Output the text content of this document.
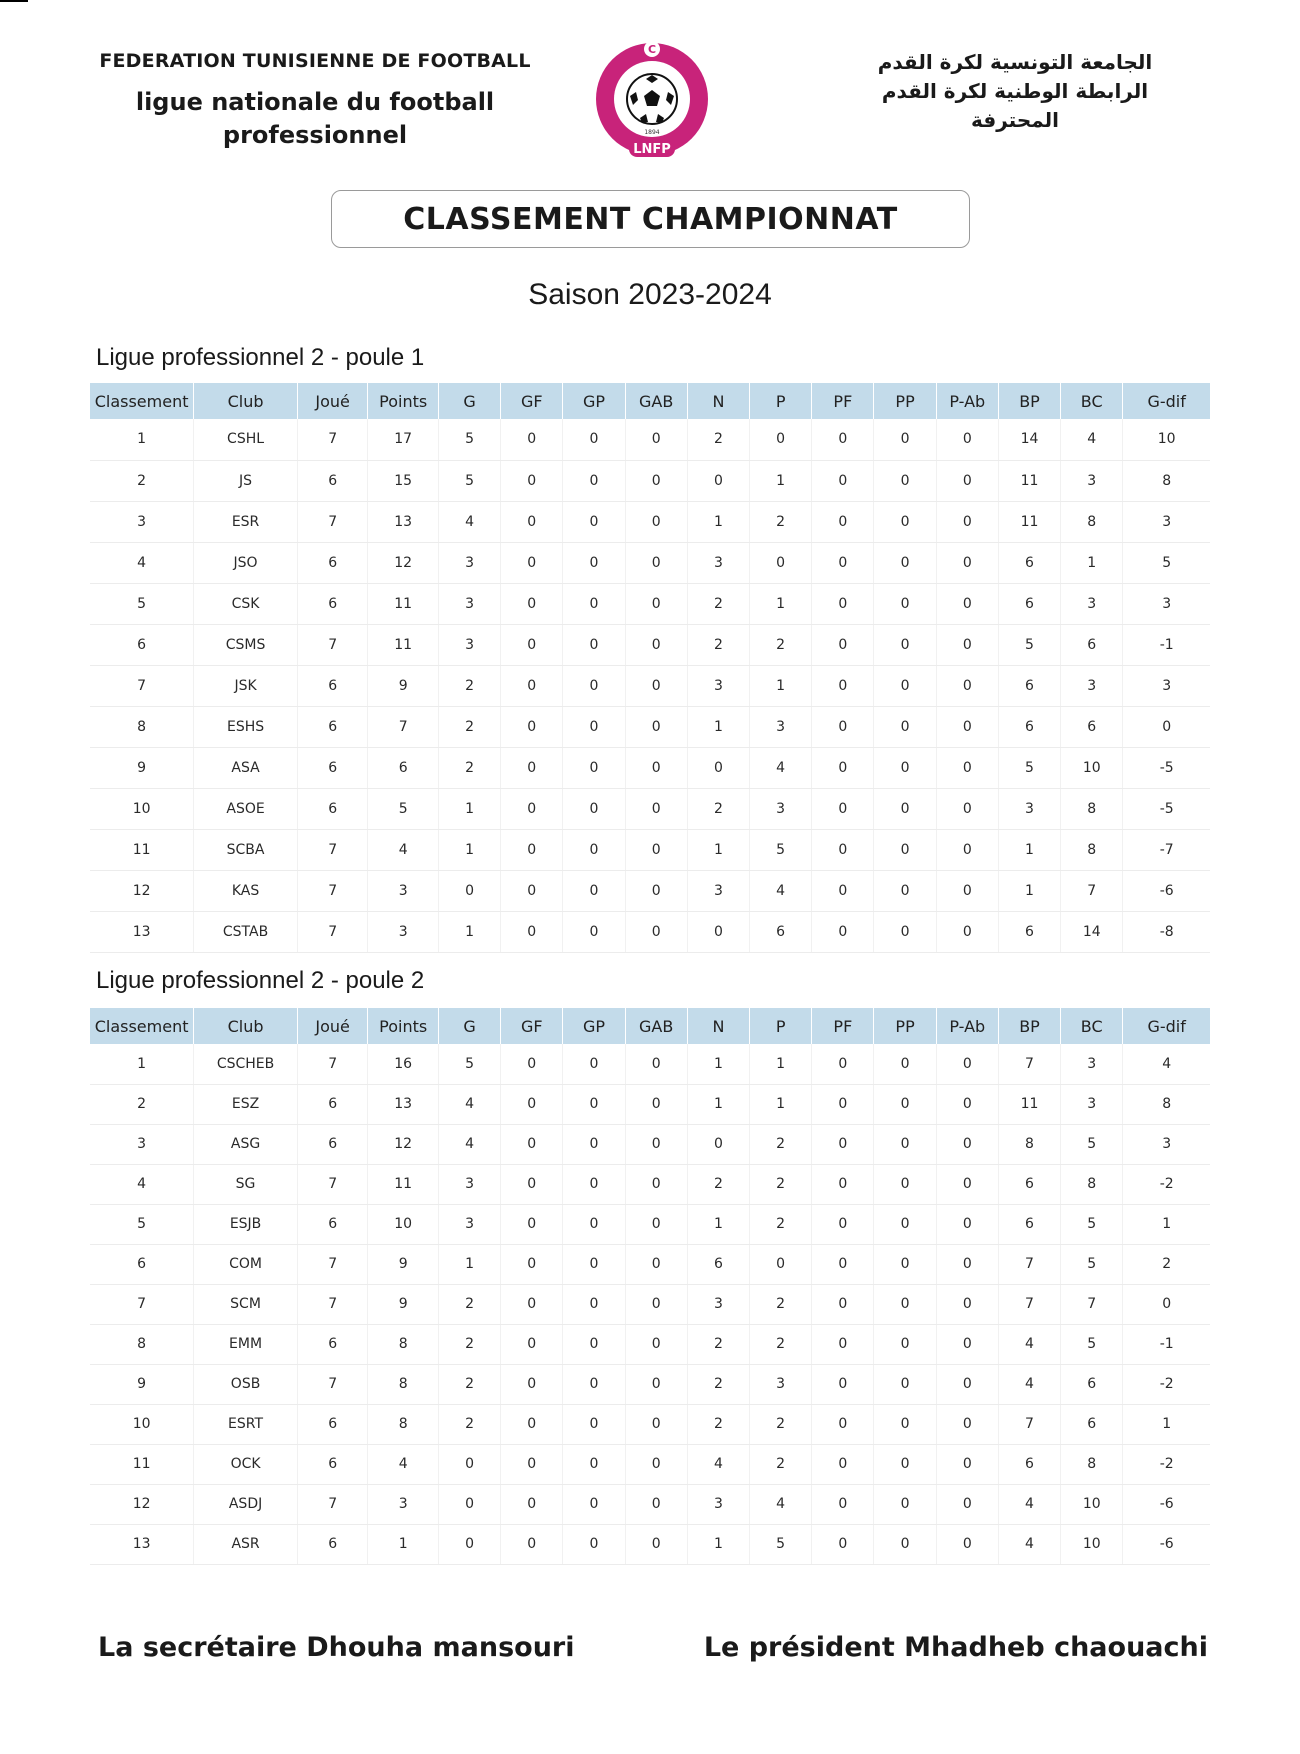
FEDERATION TUNISIENNE DE FOOTBALL
ligue nationale du football
professionnel
LIGUE NATIONALE DE FOOTBALL PROFESSIONNEL
C
1894
LNFP
الجامعة التونسية لكرة القدم
الرابطة الوطنية لكرة القدم
المحترفة
CLASSEMENT CHAMPIONNAT
Saison 2023-2024
Ligue professionnel 2 - poule 1
Classement	Club	Joué	Points	G	GF	GP	GAB	N	P	PF	PP	P-Ab	BP	BC	G-dif
1	CSHL	7	17	5	0	0	0	2	0	0	0	0	14	4	10
2	JS	6	15	5	0	0	0	0	1	0	0	0	11	3	8
3	ESR	7	13	4	0	0	0	1	2	0	0	0	11	8	3
4	JSO	6	12	3	0	0	0	3	0	0	0	0	6	1	5
5	CSK	6	11	3	0	0	0	2	1	0	0	0	6	3	3
6	CSMS	7	11	3	0	0	0	2	2	0	0	0	5	6	-1
7	JSK	6	9	2	0	0	0	3	1	0	0	0	6	3	3
8	ESHS	6	7	2	0	0	0	1	3	0	0	0	6	6	0
9	ASA	6	6	2	0	0	0	0	4	0	0	0	5	10	-5
10	ASOE	6	5	1	0	0	0	2	3	0	0	0	3	8	-5
11	SCBA	7	4	1	0	0	0	1	5	0	0	0	1	8	-7
12	KAS	7	3	0	0	0	0	3	4	0	0	0	1	7	-6
13	CSTAB	7	3	1	0	0	0	0	6	0	0	0	6	14	-8
Ligue professionnel 2 - poule 2
Classement	Club	Joué	Points	G	GF	GP	GAB	N	P	PF	PP	P-Ab	BP	BC	G-dif
1	CSCHEB	7	16	5	0	0	0	1	1	0	0	0	7	3	4
2	ESZ	6	13	4	0	0	0	1	1	0	0	0	11	3	8
3	ASG	6	12	4	0	0	0	0	2	0	0	0	8	5	3
4	SG	7	11	3	0	0	0	2	2	0	0	0	6	8	-2
5	ESJB	6	10	3	0	0	0	1	2	0	0	0	6	5	1
6	COM	7	9	1	0	0	0	6	0	0	0	0	7	5	2
7	SCM	7	9	2	0	0	0	3	2	0	0	0	7	7	0
8	EMM	6	8	2	0	0	0	2	2	0	0	0	4	5	-1
9	OSB	7	8	2	0	0	0	2	3	0	0	0	4	6	-2
10	ESRT	6	8	2	0	0	0	2	2	0	0	0	7	6	1
11	OCK	6	4	0	0	0	0	4	2	0	0	0	6	8	-2
12	ASDJ	7	3	0	0	0	0	3	4	0	0	0	4	10	-6
13	ASR	6	1	0	0	0	0	1	5	0	0	0	4	10	-6
La secrétaire Dhouha mansouri	Le président Mhadheb chaouachi
